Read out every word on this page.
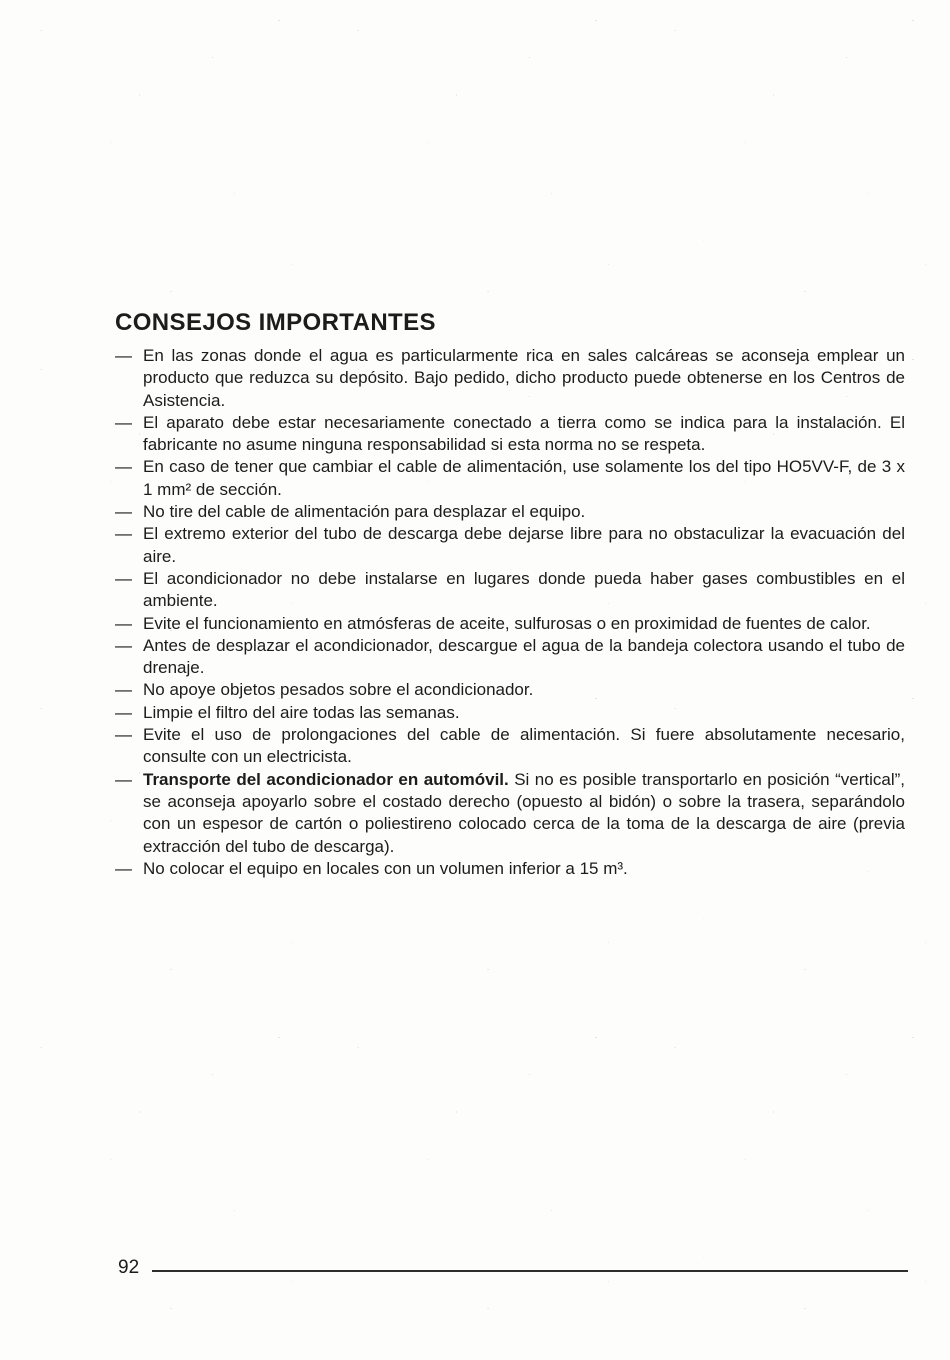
CONSEJOS IMPORTANTES
— En las zonas donde el agua es particularmente rica en sales calcáreas se aconseja emplear un producto que reduzca su depósito. Bajo pedido, dicho producto puede obtenerse en los Centros de Asistencia.

— El aparato debe estar necesariamente conectado a tierra como se indica para la instalación. El fabricante no asume ninguna responsabilidad si esta norma no se respeta.

— En caso de tener que cambiar el cable de alimentación, use solamente los del tipo HO5VV-F, de 3 x 1 mm² de sección.

— No tire del cable de alimentación para desplazar el equipo.

— El extremo exterior del tubo de descarga debe dejarse libre para no obstaculizar la evacuación del aire.

— El acondicionador no debe instalarse en lugares donde pueda haber gases combustibles en el ambiente.

— Evite el funcionamiento en atmósferas de aceite, sulfurosas o en proximidad de fuentes de calor.

— Antes de desplazar el acondicionador, descargue el agua de la bandeja colectora usando el tubo de drenaje.

— No apoye objetos pesados sobre el acondicionador.

— Limpie el filtro del aire todas las semanas.

— Evite el uso de prolongaciones del cable de alimentación. Si fuere absolutamente necesario, consulte con un electricista.

— Transporte del acondicionador en automóvil. Si no es posible transportarlo en posición “vertical”, se aconseja apoyarlo sobre el costado derecho (opuesto al bidón) o sobre la trasera, separándolo con un espesor de cartón o poliestireno colocado cerca de la toma de la descarga de aire (previa extracción del tubo de descarga).

— No colocar el equipo en locales con un volumen inferior a 15 m³.

92
